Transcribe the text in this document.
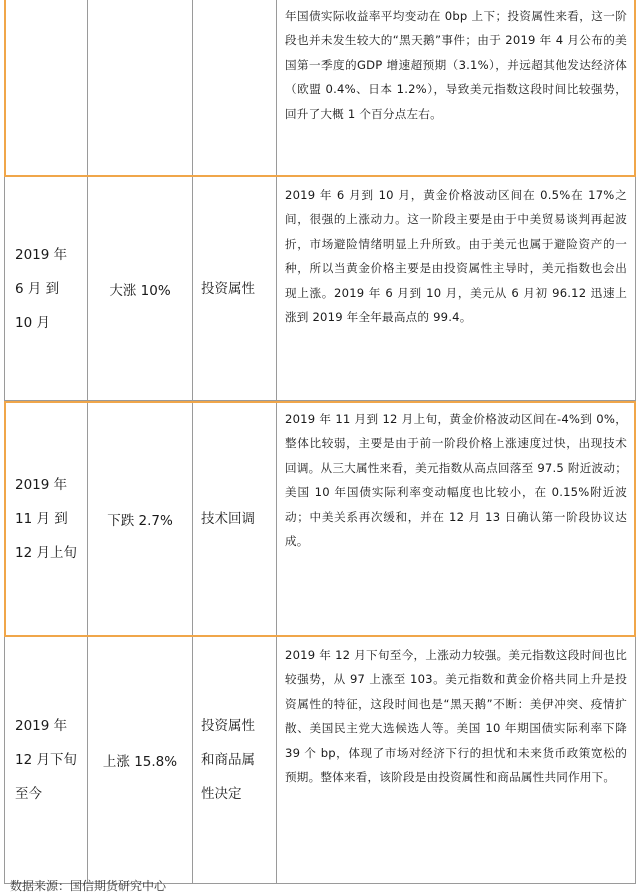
年国债实际收益率平均变动在 0bp 上下；投资属性来看，这一阶段也并未发生较大的“黑天鹅”事件；由于 2019 年 4 月公布的美国第一季度的GDP 增速超预期（3.1%），并远超其他发达经济体（欧盟 0.4%、日本 1.2%），导致美元指数这段时间比较强势，回升了大概 1 个百分点左右。
2019 年 6 月 到 10 月
大涨 10% 投资属性
2019 年 6 月到 10 月，黄金价格波动区间在 0.5%在 17%之间，很强的上涨动力。这一阶段主要是由于中美贸易谈判再起波折，市场避险情绪明显上升所致。由于美元也属于避险资产的一种，所以当黄金价格主要是由投资属性主导时，美元指数也会出现上涨。2019 年 6 月到 10 月，美元从 6 月初 96.12 迅速上涨到 2019 年全年最高点的 99.4。
2019 年 11 月 到 12 月上旬
下跌 2.7% 技术回调
2019 年 11 月到 12 月上旬，黄金价格波动区间在-4%到 0%，整体比较弱，主要是由于前一阶段价格上涨速度过快，出现技术回调。从三大属性来看，美元指数从高点回落至 97.5 附近波动；美国 10 年国债实际利率变动幅度也比较小，在 0.15%附近波动；中美关系再次缓和，并在 12 月 13 日确认第一阶段协议达成。
2019 年 12 月下旬至今
上涨 15.8%
投资属性和商品属性决定
2019 年 12 月下旬至今，上涨动力较强。美元指数这段时间也比较强势，从 97 上涨至 103。美元指数和黄金价格共同上升是投资属性的特征，这段时间也是“黑天鹅”不断：美伊冲突、疫情扩散、美国民主党大选候选人等。美国 10 年期国债实际利率下降 39 个 bp，体现了市场对经济下行的担忧和未来货币政策宽松的预期。整体来看，该阶段是由投资属性和商品属性共同作用下。
数据来源：国信期货研究中心
